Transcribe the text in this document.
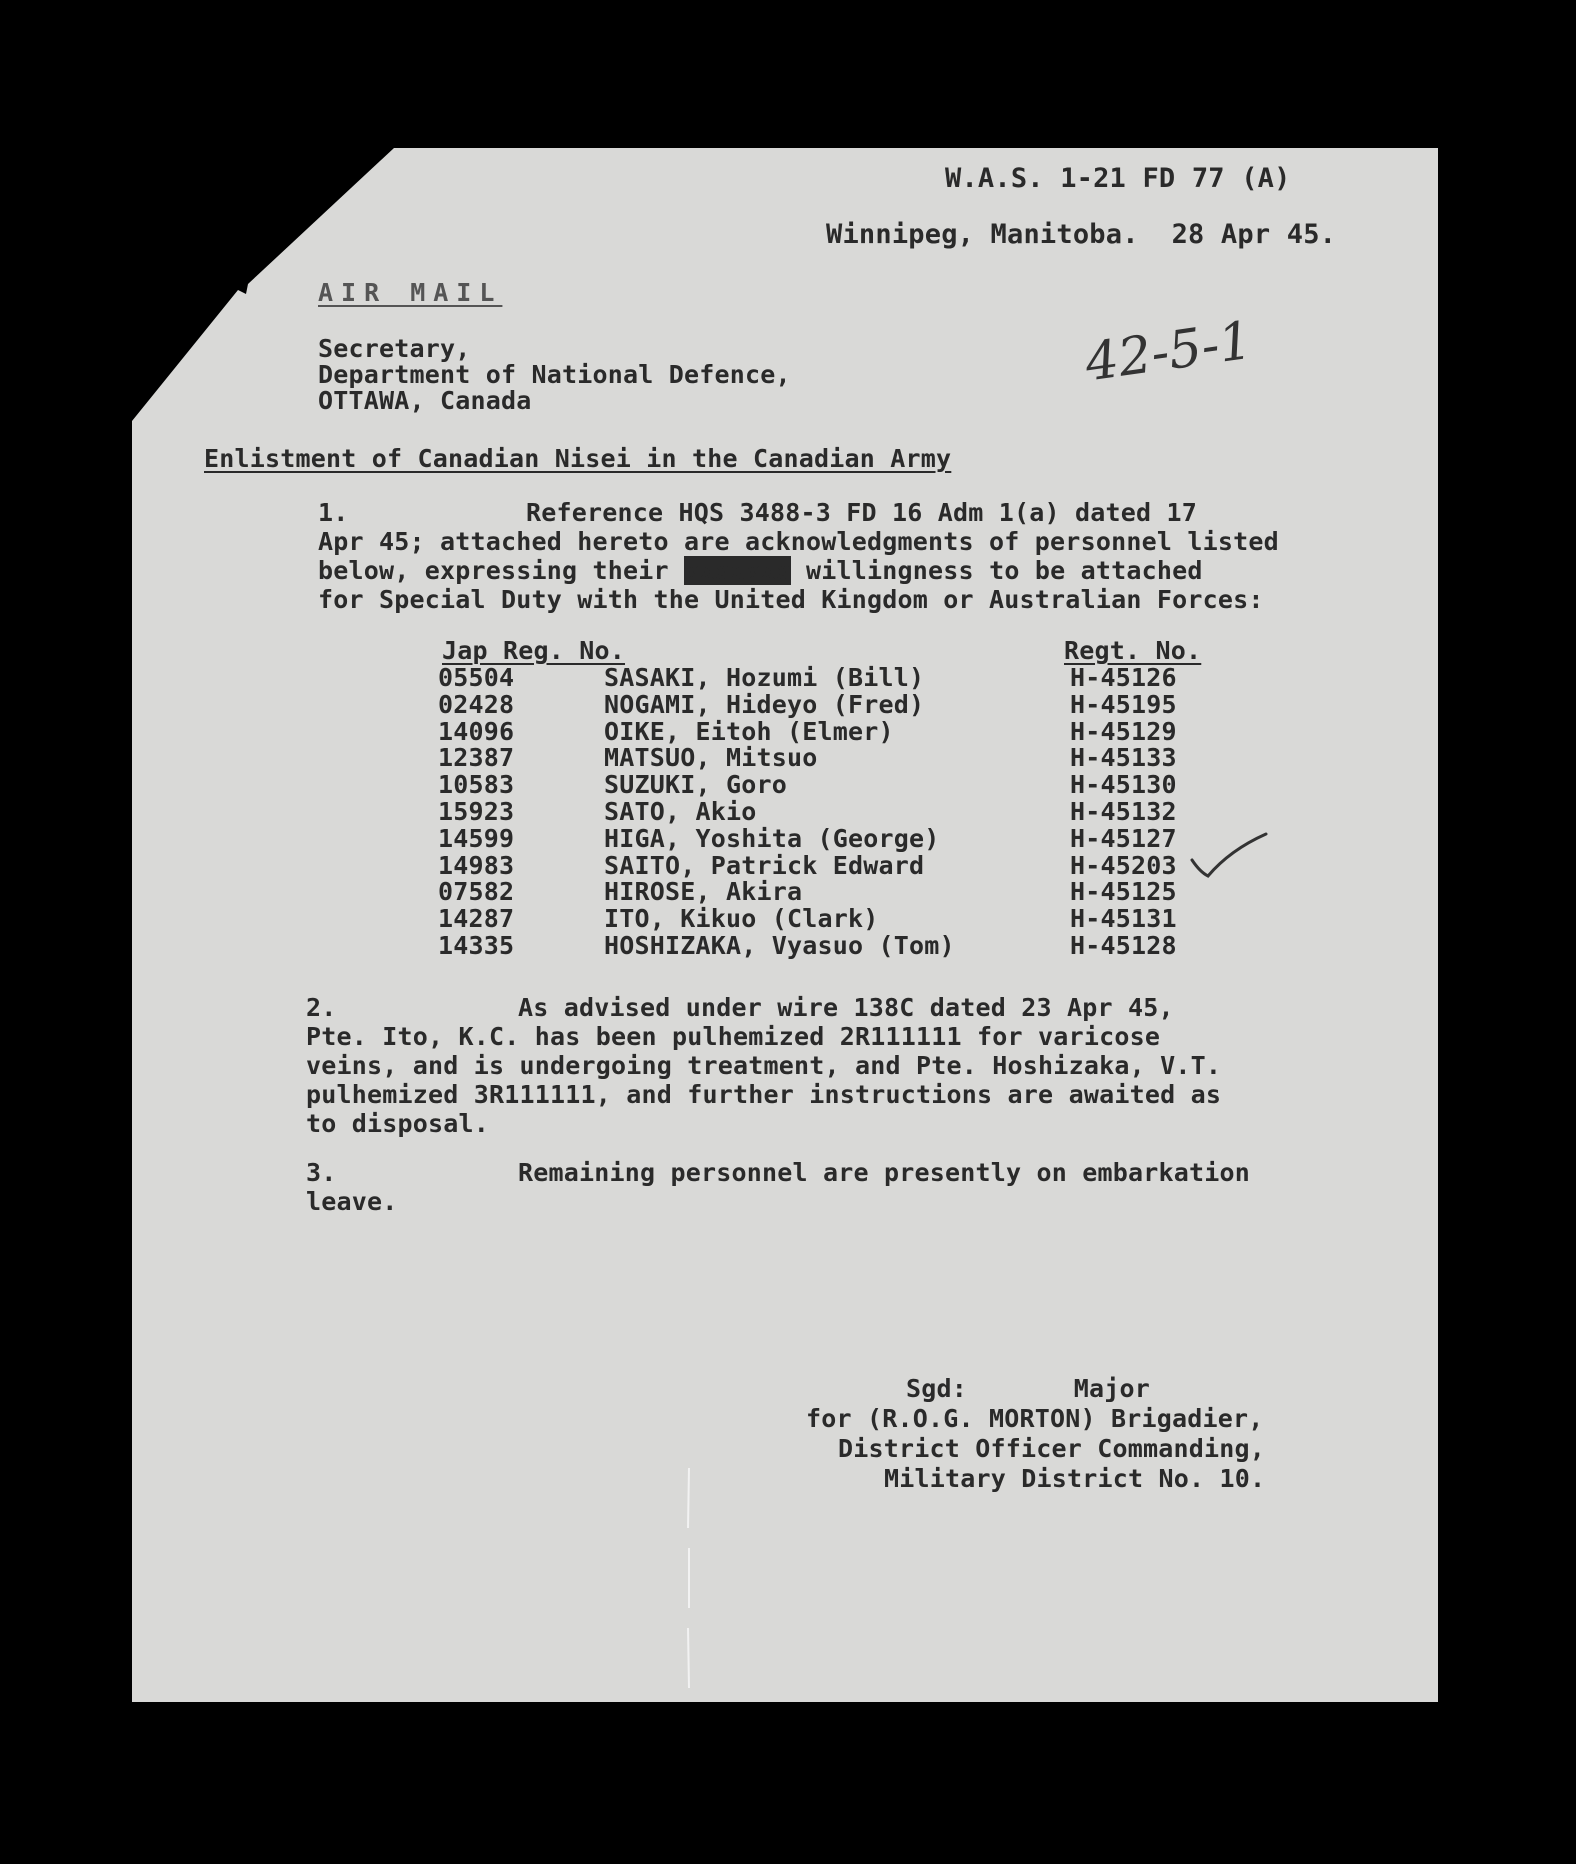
W.A.S. 1-21 FD 77 (A)
Winnipeg, Manitoba.  28 Apr 45.
42-5-1
AIR MAIL
Secretary,
Department of National Defence,
OTTAWA, Canada
Enlistment of Canadian Nisei in the Canadian Army
1.	Reference HQS 3488-3 FD 16 Adm 1(a) dated 17
Apr 45; attached hereto are acknowledgments of personnel listed
below, expressing their xxxxxxx willingness to be attached
for Special Duty with the United Kingdom or Australian Forces:
Jap Reg. No.	Regt. No.
05504	SASAKI, Hozumi (Bill)	H-45126
02428	NOGAMI, Hideyo (Fred)	H-45195
14096	OIKE, Eitoh (Elmer)	H-45129
12387	MATSUO, Mitsuo	H-45133
10583	SUZUKI, Goro	H-45130
15923	SATO, Akio	H-45132
14599	HIGA, Yoshita (George)	H-45127
14983	SAITO, Patrick Edward	H-45203
07582	HIROSE, Akira	H-45125
14287	ITO, Kikuo (Clark)	H-45131
14335	HOSHIZAKA, Vyasuo (Tom)	H-45128
2.	As advised under wire 138C dated 23 Apr 45,
Pte. Ito, K.C. has been pulhemized 2R111111 for varicose
veins, and is undergoing treatment, and Pte. Hoshizaka, V.T.
pulhemized 3R111111, and further instructions are awaited as
to disposal.
3.	Remaining personnel are presently on embarkation
leave.
Sgd:       Major
for (R.O.G. MORTON) Brigadier,
District Officer Commanding,
Military District No. 10.
